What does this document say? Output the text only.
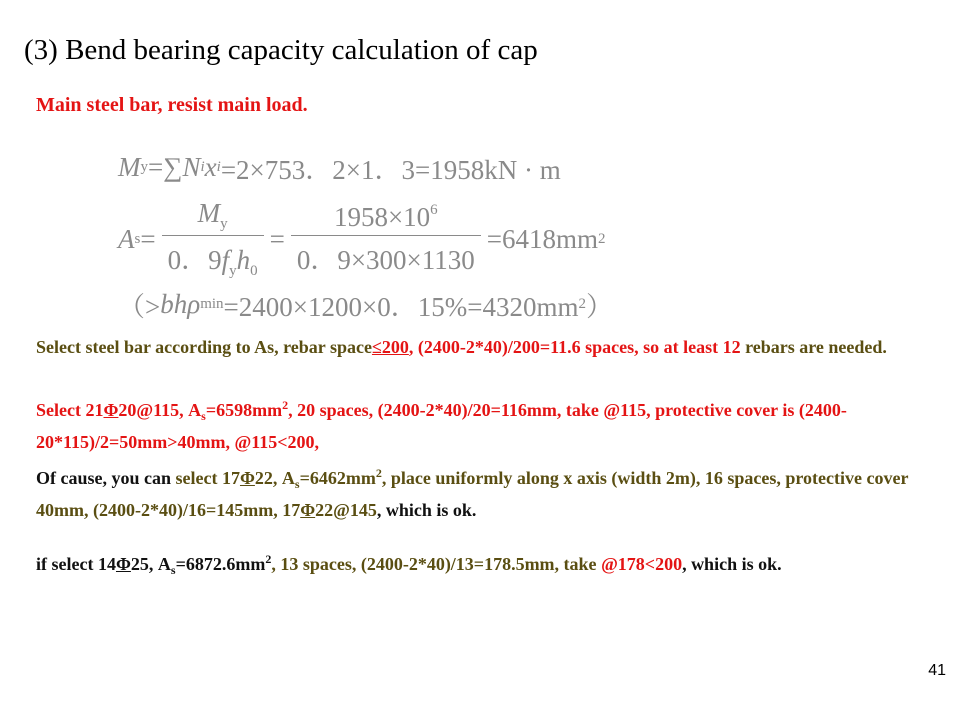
(3) Bend bearing capacity calculation of cap
Main steel bar, resist main load.
M y = ∑ N i x i =2×753．2×1．3=1958kN · m
A $s = \frac{M_y}{0.9f_yh_0} = \frac{1958\times 10^6}{0.9\times 300\times 1130} =6418mm$ 2
（> bhρ min =2400×1200×0．15%=4320mm 2 ）
Select steel bar according to As, rebar space≤200, (2400-2*40)/200=11.6 spaces, so at least 12 rebars are needed.
Select 21Φ20@115, $A_s=6598mm^2$, 20 spaces, (2400-2*40)/20=116mm, take @115, protective cover is (2400-20*115)/2=50mm>40mm, @115<200,
Of cause, you can select 17Φ22, $A_s=6462mm^2$, place uniformly along x axis (width 2m), 16 spaces, protective cover 40mm, (2400-2*40)/16=145mm, 17Φ22@145, which is ok.
if select 14Φ25, $A_s=6872.6mm^2$, 13 spaces, (2400-2*40)/13=178.5mm, take @178<200, which is ok.
41
